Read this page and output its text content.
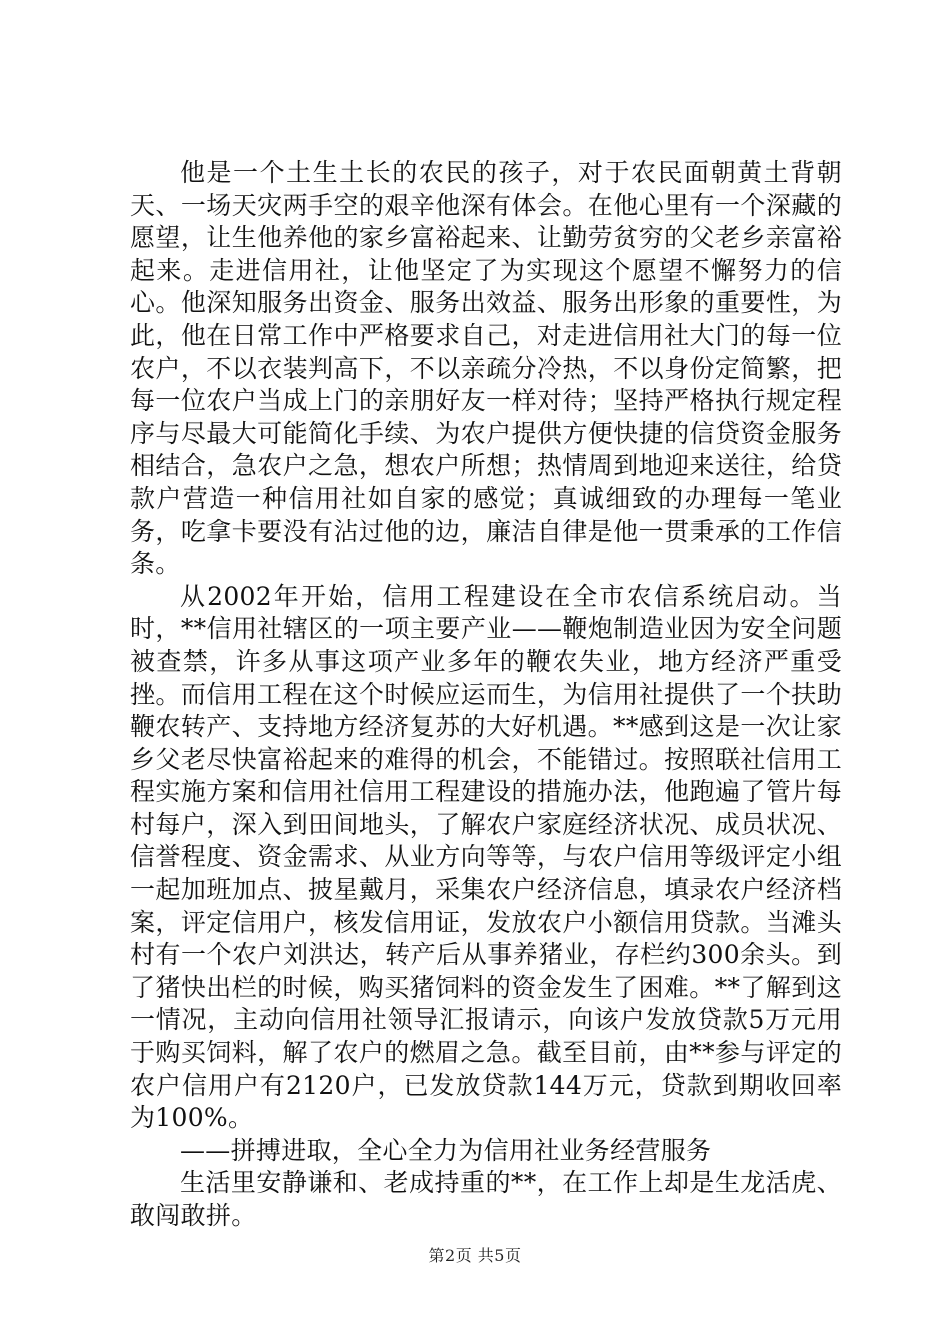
他是一个土生土长的农民的孩子，对于农民面朝黄土背朝天、一场天灾两手空的艰辛他深有体会。在他心里有一个深藏的愿望，让生他养他的家乡富裕起来、让勤劳贫穷的父老乡亲富裕起来。走进信用社，让他坚定了为实现这个愿望不懈努力的信心。他深知服务出资金、服务出效益、服务出形象的重要性，为此，他在日常工作中严格要求自己，对走进信用社大门的每一位农户，不以衣装判高下，不以亲疏分冷热，不以身份定简繁，把每一位农户当成上门的亲朋好友一样对待；坚持严格执行规定程序与尽最大可能简化手续、为农户提供方便快捷的信贷资金服务相结合，急农户之急，想农户所想；热情周到地迎来送往，给贷款户营造一种信用社如自家的感觉；真诚细致的办理每一笔业务，吃拿卡要没有沾过他的边，廉洁自律是他一贯秉承的工作信条。

从2002年开始，信用工程建设在全市农信系统启动。当时，**信用社辖区的一项主要产业——鞭炮制造业因为安全问题被查禁，许多从事这项产业多年的鞭农失业，地方经济严重受挫。而信用工程在这个时候应运而生，为信用社提供了一个扶助鞭农转产、支持地方经济复苏的大好机遇。**感到这是一次让家乡父老尽快富裕起来的难得的机会，不能错过。按照联社信用工程实施方案和信用社信用工程建设的措施办法，他跑遍了管片每村每户，深入到田间地头，了解农户家庭经济状况、成员状况、信誉程度、资金需求、从业方向等等，与农户信用等级评定小组一起加班加点、披星戴月，采集农户经济信息，填录农户经济档案，评定信用户，核发信用证，发放农户小额信用贷款。当滩头村有一个农户刘洪达，转产后从事养猪业，存栏约300余头。到了猪快出栏的时候，购买猪饲料的资金发生了困难。**了解到这一情况，主动向信用社领导汇报请示，向该户发放贷款5万元用于购买饲料，解了农户的燃眉之急。截至目前，由**参与评定的农户信用户有2120户，已发放贷款144万元，贷款到期收回率为100%。

——拼搏进取，全心全力为信用社业务经营服务

生活里安静谦和、老成持重的**，在工作上却是生龙活虎、敢闯敢拼。

第2页 共5页
